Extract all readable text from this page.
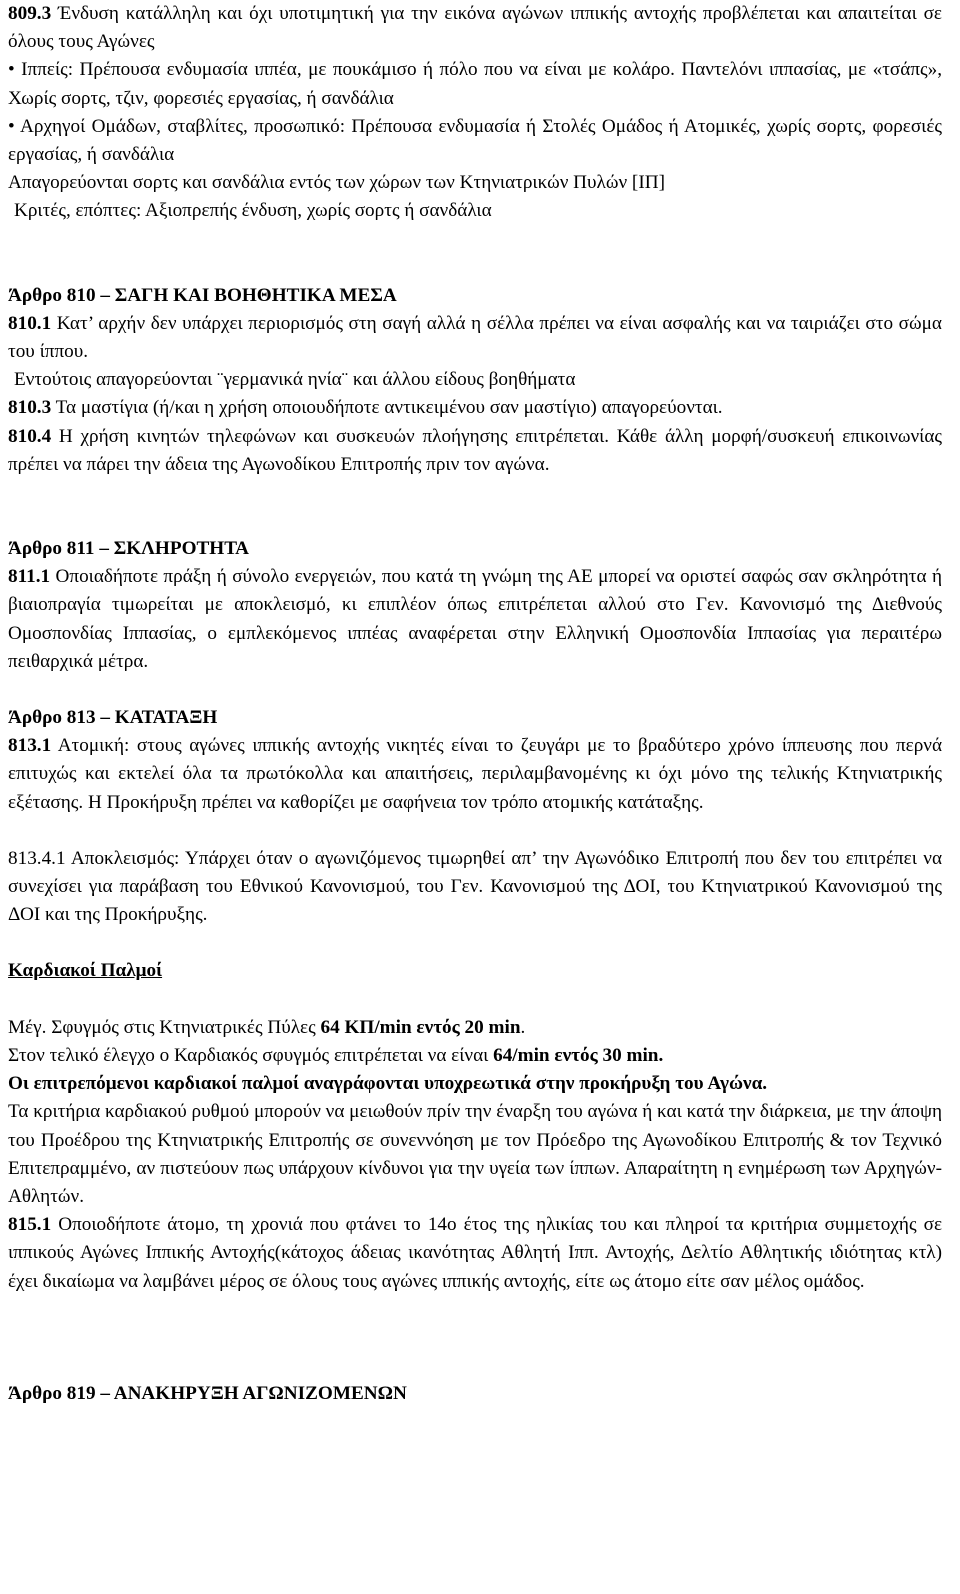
809.3 Ένδυση κατάλληλη και όχι υποτιμητική για την εικόνα αγώνων ιππικής αντοχής προβλέπεται και απαιτείται σε όλους τους Αγώνες
• Ιππείς: Πρέπουσα ενδυμασία ιππέα, με πουκάμισο ή πόλο που να είναι με κολάρο. Παντελόνι ιππασίας, με «τσάπς», Χωρίς σορτς, τζιν, φορεσιές εργασίας, ή σανδάλια
• Αρχηγοί Ομάδων, σταβλίτες, προσωπικό: Πρέπουσα ενδυμασία ή Στολές Ομάδος ή Ατομικές, χωρίς σορτς, φορεσιές εργασίας, ή σανδάλια
Απαγορεύονται σορτς και σανδάλια εντός των χώρων των Κτηνιατρικών Πυλών [ΙΠ]
Κριτές, επόπτες: Αξιοπρεπής ένδυση, χωρίς σορτς ή σανδάλια
Άρθρο 810 – ΣΑΓΗ ΚΑΙ ΒΟΗΘΗΤΙΚΑ ΜΕΣΑ
810.1 Κατ’ αρχήν δεν υπάρχει περιορισμός στη σαγή αλλά η σέλλα πρέπει να είναι ασφαλής και να ταιριάζει στο σώμα του ίππου.
Εντούτοις απαγορεύονται ¨γερμανικά ηνία¨ και άλλου είδους βοηθήματα
810.3 Τα μαστίγια (ή/και η χρήση οποιουδήποτε αντικειμένου σαν μαστίγιο) απαγορεύονται.
810.4 Η χρήση κινητών τηλεφώνων και συσκευών πλοήγησης επιτρέπεται. Κάθε άλλη μορφή/συσκευή επικοινωνίας πρέπει να πάρει την άδεια της Αγωνοδίκου Επιτροπής πριν τον αγώνα.
Άρθρο 811 – ΣΚΛΗΡΟΤΗΤΑ
811.1 Οποιαδήποτε πράξη ή σύνολο ενεργειών, που κατά τη γνώμη της ΑΕ μπορεί να οριστεί σαφώς σαν σκληρότητα ή βιαιοπραγία τιμωρείται με αποκλεισμό, κι επιπλέον όπως επιτρέπεται αλλού στο Γεν. Κανονισμό της Διεθνούς Ομοσπονδίας Ιππασίας, ο εμπλεκόμενος ιππέας αναφέρεται στην Ελληνική Ομοσπονδία Ιππασίας για περαιτέρω πειθαρχικά μέτρα.
Άρθρο 813 – ΚΑΤΑΤΑΞΗ
813.1 Ατομική: στους αγώνες ιππικής αντοχής νικητές είναι το ζευγάρι με το βραδύτερο χρόνο ίππευσης που περνά επιτυχώς και εκτελεί όλα τα πρωτόκολλα και απαιτήσεις, περιλαμβανομένης κι όχι μόνο της τελικής Κτηνιατρικής εξέτασης. Η Προκήρυξη πρέπει να καθορίζει με σαφήνεια τον τρόπο ατομικής κατάταξης.
813.4.1 Αποκλεισμός: Υπάρχει όταν ο αγωνιζόμενος τιμωρηθεί απ’ την Αγωνόδικο Επιτροπή που δεν του επιτρέπει να συνεχίσει για παράβαση του Εθνικού Κανονισμού, του Γεν. Κανονισμού της ΔΟΙ, του Κτηνιατρικού Κανονισμού της ΔΟΙ και της Προκήρυξης.
Καρδιακοί Παλμοί
Μέγ. Σφυγμός στις Κτηνιατρικές Πύλες 64 ΚΠ/min εντός 20 min.
Στον τελικό έλεγχο ο Καρδιακός σφυγμός επιτρέπεται να είναι 64/min εντός 30 min.
Οι επιτρεπόμενοι καρδιακοί παλμοί αναγράφονται υποχρεωτικά στην προκήρυξη του Αγώνα.
Τα κριτήρια καρδιακού ρυθμού μπορούν να μειωθούν πρίν την έναρξη του αγώνα ή και κατά την διάρκεια, με την άποψη του Προέδρου της Κτηνιατρικής Επιτροπής σε συνεννόηση με τον Πρόεδρο της Αγωνοδίκου Επιτροπής & τον Τεχνικό Επιτεπραμμένο, αν πιστεύουν πως υπάρχουν κίνδυνοι για την υγεία των ίππων. Απαραίτητη η ενημέρωση των Αρχηγών-Αθλητών.
815.1 Οποιοδήποτε άτομο, τη χρονιά που φτάνει το 14ο έτος της ηλικίας του και πληροί τα κριτήρια συμμετοχής σε ιππικούς Αγώνες Ιππικής Αντοχής(κάτοχος άδειας ικανότητας Αθλητή Ιππ. Αντοχής, Δελτίο Αθλητικής ιδιότητας κτλ) έχει δικαίωμα να λαμβάνει μέρος σε όλους τους αγώνες ιππικής αντοχής, είτε ως άτομο είτε σαν μέλος ομάδος.
Άρθρο 819 – ΑΝΑΚΗΡΥΞΗ ΑΓΩΝΙΖΟΜΕΝΩΝ
